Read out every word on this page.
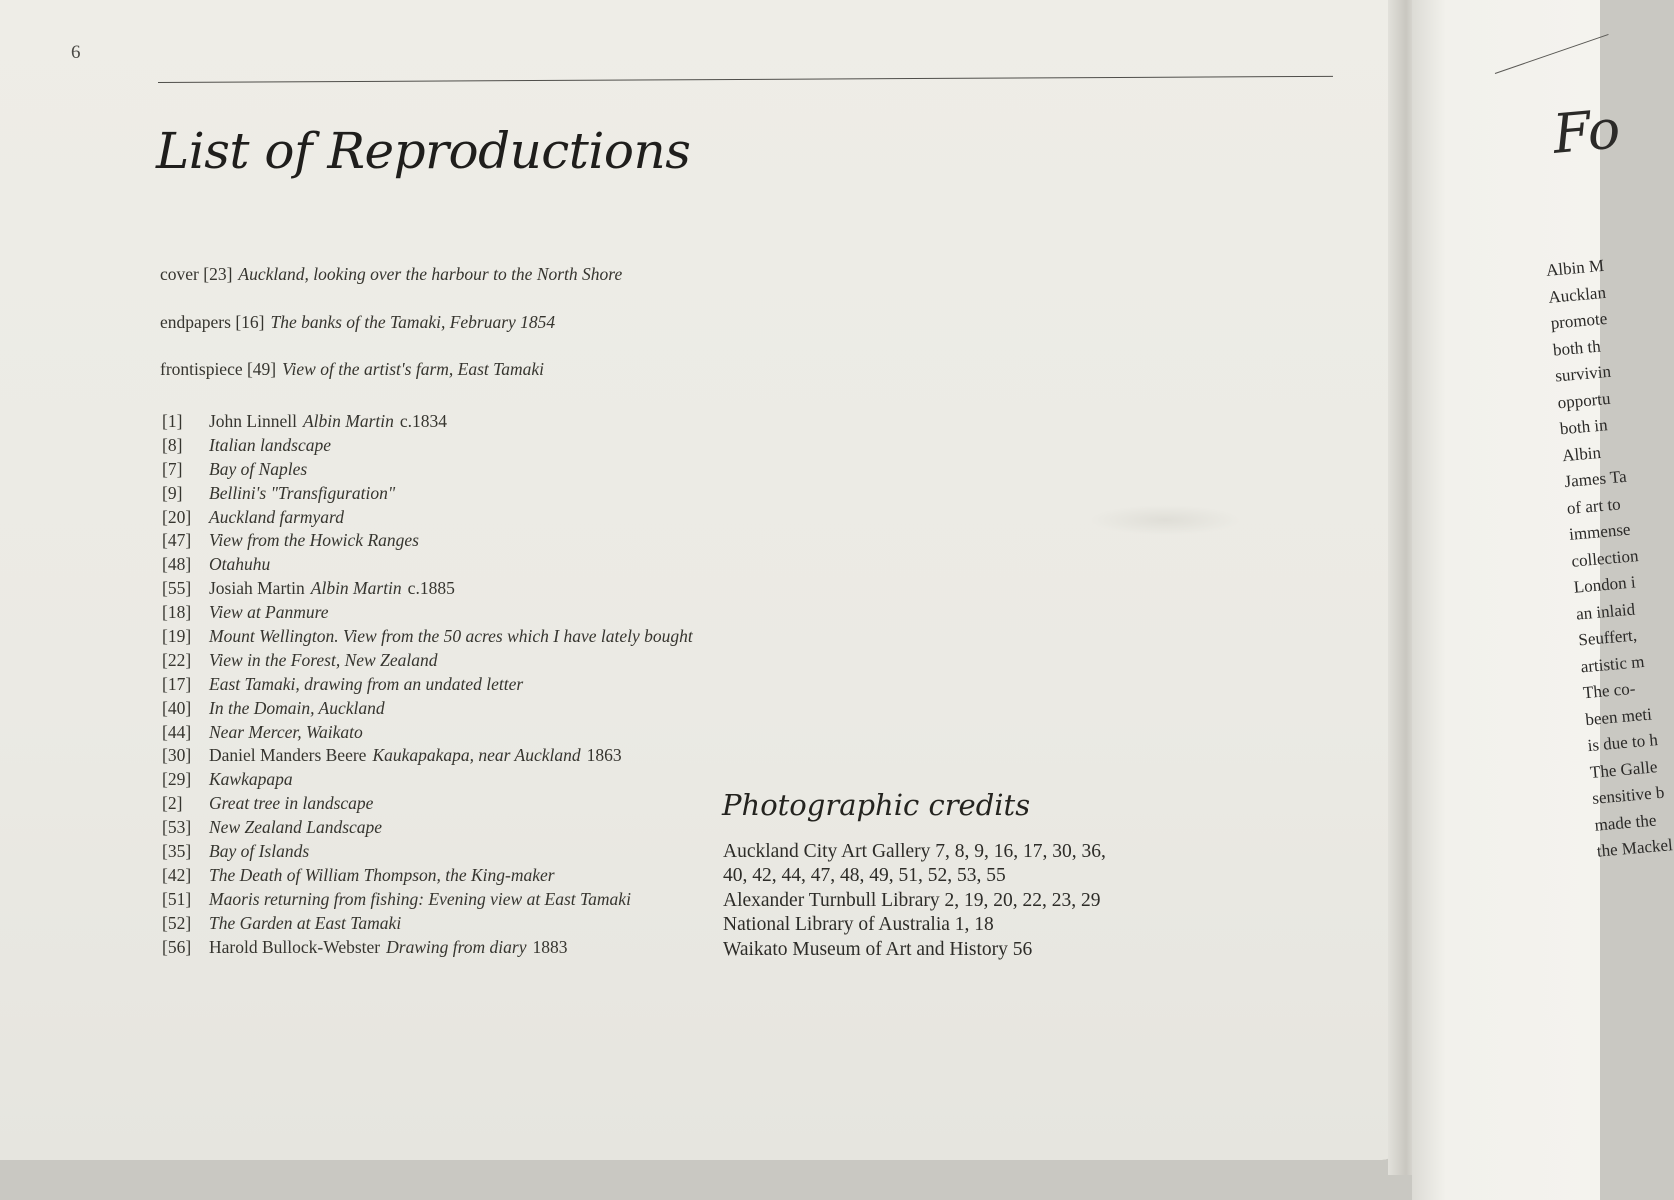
6
List of Reproductions
cover [23] Auckland, looking over the harbour to the North Shore
endpapers [16] The banks of the Tamaki, February 1854
frontispiece [49] View of the artist's farm, East Tamaki
[1]	John Linnell Albin Martin c.1834
[8]	Italian landscape
[7]	Bay of Naples
[9]	Bellini's "Transfiguration"
[20]	Auckland farmyard
[47]	View from the Howick Ranges
[48]	Otahuhu
[55]	Josiah Martin Albin Martin c.1885
[18]	View at Panmure
[19]	Mount Wellington. View from the 50 acres which I have lately bought
[22]	View in the Forest, New Zealand
[17]	East Tamaki, drawing from an undated letter
[40]	In the Domain, Auckland
[44]	Near Mercer, Waikato
[30]	Daniel Manders Beere Kaukapakapa, near Auckland 1863
[29]	Kawkapapa
[2]	Great tree in landscape
[53]	New Zealand Landscape
[35]	Bay of Islands
[42]	The Death of William Thompson, the King-maker
[51]	Maoris returning from fishing: Evening view at East Tamaki
[52]	The Garden at East Tamaki
[56]	Harold Bullock-Webster Drawing from diary 1883
Photographic credits
Auckland City Art Gallery 7, 8, 9, 16, 17, 30, 36,
40, 42, 44, 47, 48, 49, 51, 52, 53, 55
Alexander Turnbull Library 2, 19, 20, 22, 23, 29
National Library of Australia 1, 18
Waikato Museum of Art and History 56
Fo
Albin M
Aucklan
promote
both th
survivin
opportu
both in
Albin
James Ta
of art to
immense
collection
London i
an inlaid
Seuffert,
artistic m
The co-
been meti
is due to h
The Galle
sensitive b
made the
the Mackel
